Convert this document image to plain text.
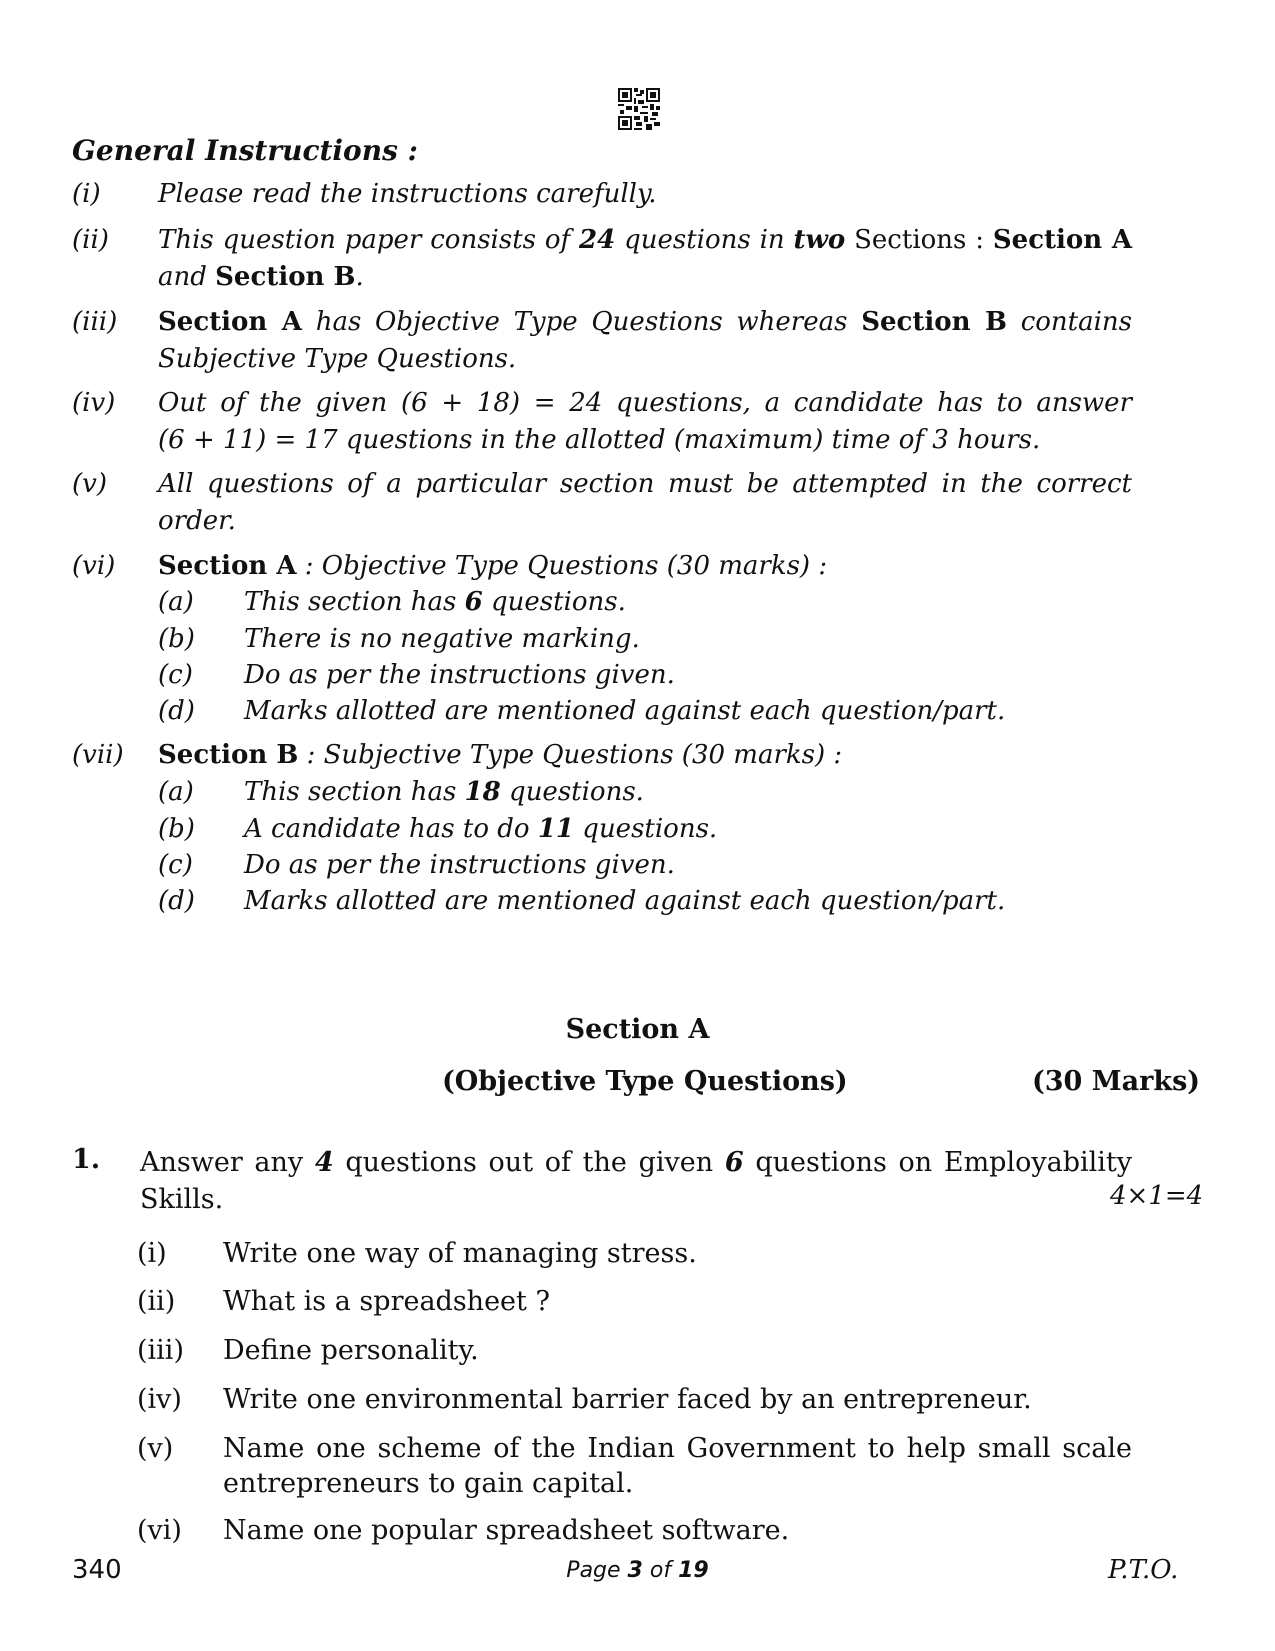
General Instructions :
(i) Please read the instructions carefully.
(ii) This question paper consists of 24 questions in two Sections : Section A
and Section B.
(iii) Section A has Objective Type Questions whereas Section B contains
Subjective Type Questions.
(iv) Out of the given (6 + 18) = 24 questions, a candidate has to answer
(6 + 11) = 17 questions in the allotted (maximum) time of 3 hours.
(v) All questions of a particular section must be attempted in the correct
order.
(vi) Section A : Objective Type Questions (30 marks) :
(a) This section has 6 questions.
(b) There is no negative marking.
(c) Do as per the instructions given.
(d) Marks allotted are mentioned against each question/part.
(vii) Section B : Subjective Type Questions (30 marks) :
(a) This section has 18 questions.
(b) A candidate has to do 11 questions.
(c) Do as per the instructions given.
(d) Marks allotted are mentioned against each question/part.
Section A
(Objective Type Questions)	(30 Marks)
1. Answer any 4 questions out of the given 6 questions on Employability
Skills.	4×1=4
(i) Write one way of managing stress.
(ii) What is a spreadsheet ?
(iii) Define personality.
(iv) Write one environmental barrier faced by an entrepreneur.
(v) Name one scheme of the Indian Government to help small scale
entrepreneurs to gain capital.
(vi) Name one popular spreadsheet software.
340	Page 3 of 19	P.T.O.
